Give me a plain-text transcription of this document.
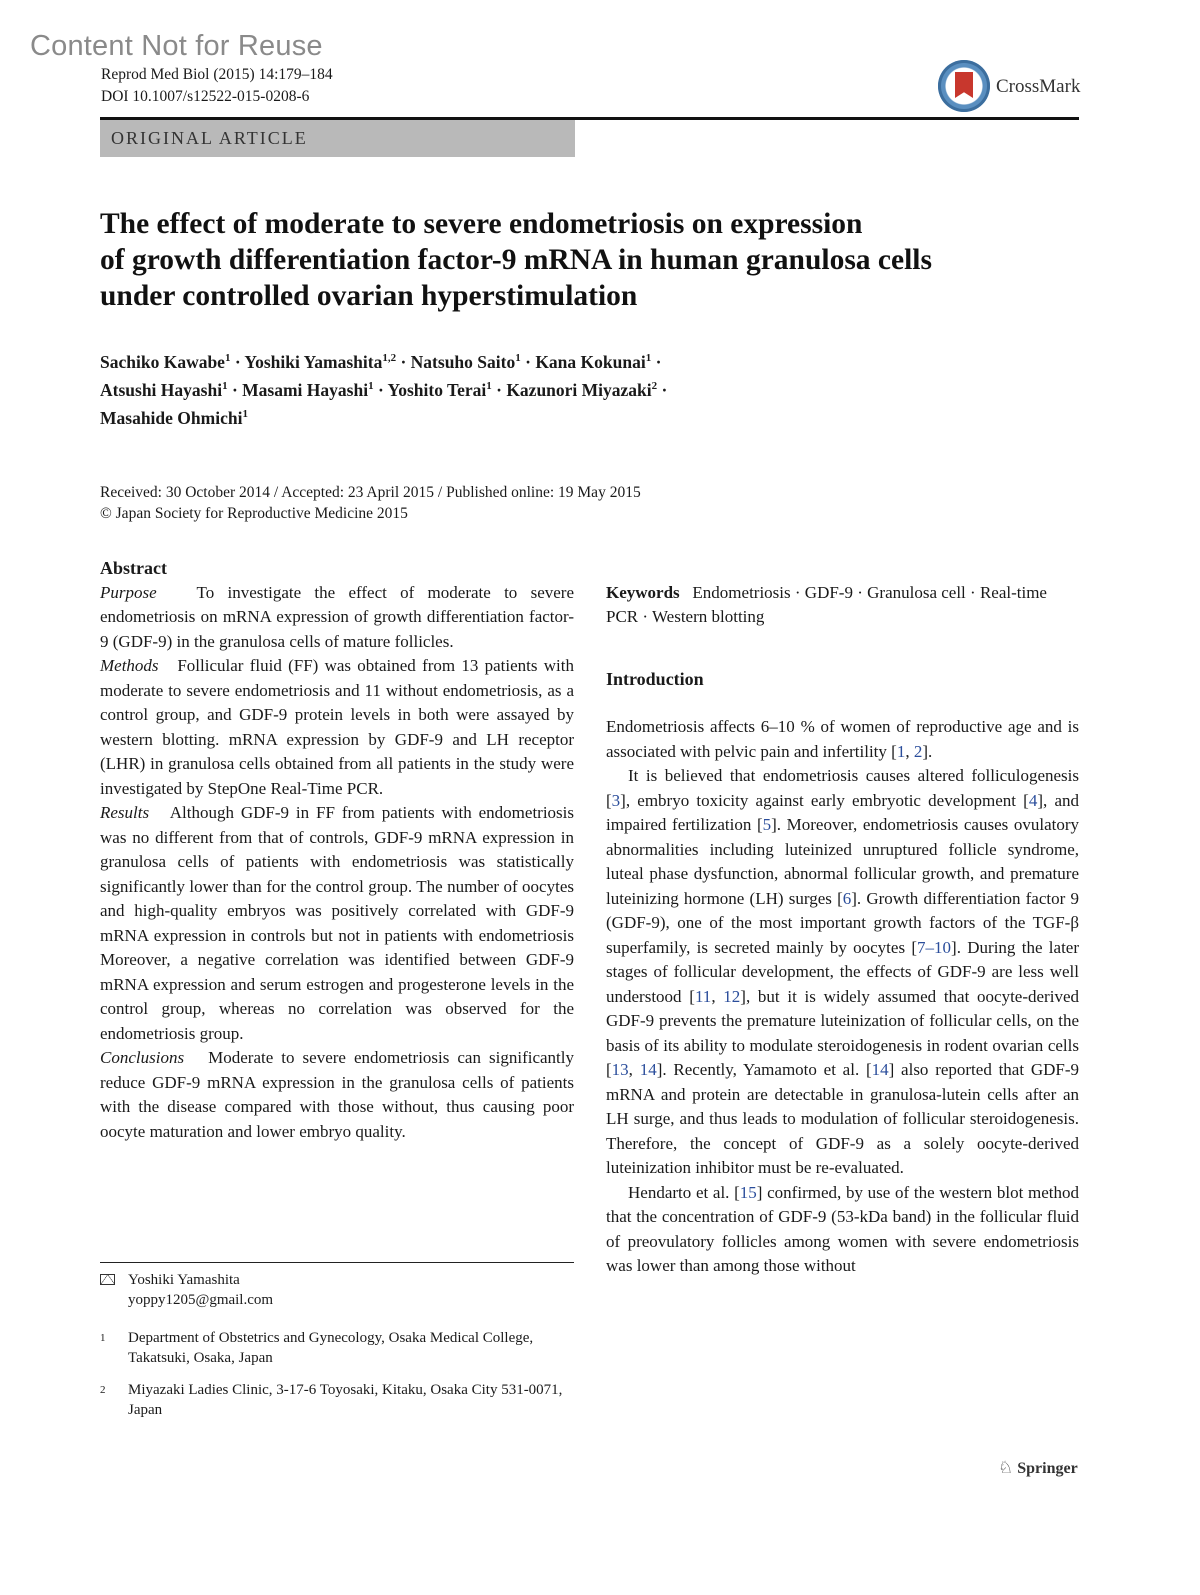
Content Not for Reuse
Reprod Med Biol (2015) 14:179–184
DOI 10.1007/s12522-015-0208-6	CrossMark
ORIGINAL ARTICLE
The effect of moderate to severe endometriosis on expression
of growth differentiation factor-9 mRNA in human granulosa cells
under controlled ovarian hyperstimulation
Sachiko Kawabe$^1$ · Yoshiki Yamashita$^{1,2}$ · Natsuho Saito$^1$ · Kana Kokunai$^1$ ·
Atsushi Hayashi$^1$ · Masami Hayashi$^1$ · Yoshito Terai$^1$ · Kazunori Miyazaki$^2$ ·
Masahide Ohmichi$^1$
Received: 30 October 2014 / Accepted: 23 April 2015 / Published online: 19 May 2015
© Japan Society for Reproductive Medicine 2015

Abstract

Purpose To investigate the effect of moderate to severe endometriosis on mRNA expression of growth differentiation factor-9 (GDF-9) in the granulosa cells of mature follicles.

Methods Follicular fluid (FF) was obtained from 13 patients with moderate to severe endometriosis and 11 without endometriosis, as a control group, and GDF-9 protein levels in both were assayed by western blotting. mRNA expression by GDF-9 and LH receptor (LHR) in granulosa cells obtained from all patients in the study were investigated by StepOne Real-Time PCR.

Results Although GDF-9 in FF from patients with endometriosis was no different from that of controls, GDF-9 mRNA expression in granulosa cells of patients with endometriosis was statistically significantly lower than for the control group. The number of oocytes and high-quality embryos was positively correlated with GDF-9 mRNA expression in controls but not in patients with endometriosis Moreover, a negative correlation was identified between GDF-9 mRNA expression and serum estrogen and progesterone levels in the control group, whereas no correlation was observed for the endometriosis group.

Conclusions Moderate to severe endometriosis can significantly reduce GDF-9 mRNA expression in the granulosa cells of patients with the disease compared with those without, thus causing poor oocyte maturation and lower embryo quality.

Keywords Endometriosis · GDF-9 · Granulosa cell · Real-time PCR · Western blotting

Introduction

Endometriosis affects 6–10 % of women of reproductive age and is associated with pelvic pain and infertility [1, 2].

It is believed that endometriosis causes altered folliculogenesis [3], embryo toxicity against early embryotic development [4], and impaired fertilization [5]. Moreover, endometriosis causes ovulatory abnormalities including luteinized unruptured follicle syndrome, luteal phase dysfunction, abnormal follicular growth, and premature luteinizing hormone (LH) surges [6]. Growth differentiation factor 9 (GDF-9), one of the most important growth factors of the TGF-β superfamily, is secreted mainly by oocytes [7–10]. During the later stages of follicular development, the effects of GDF-9 are less well understood [11, 12], but it is widely assumed that oocyte-derived GDF-9 prevents the premature luteinization of follicular cells, on the basis of its ability to modulate steroidogenesis in rodent ovarian cells [13, 14]. Recently, Yamamoto et al. [14] also reported that GDF-9 mRNA and protein are detectable in granulosa-lutein cells after an LH surge, and thus leads to modulation of follicular steroidogenesis. Therefore, the concept of GDF-9 as a solely oocyte-derived luteinization inhibitor must be re-evaluated.

Hendarto et al. [15] confirmed, by use of the western blot method that the concentration of GDF-9 (53-kDa band) in the follicular fluid of preovulatory follicles among women with severe endometriosis was lower than among those without

Yoshiki Yamashita
yoppy1205@gmail.com
1	Department of Obstetrics and Gynecology, Osaka Medical College, Takatsuki, Osaka, Japan
2	Miyazaki Ladies Clinic, 3-17-6 Toyosaki, Kitaku, Osaka City 531-0071, Japan
♘ Springer
